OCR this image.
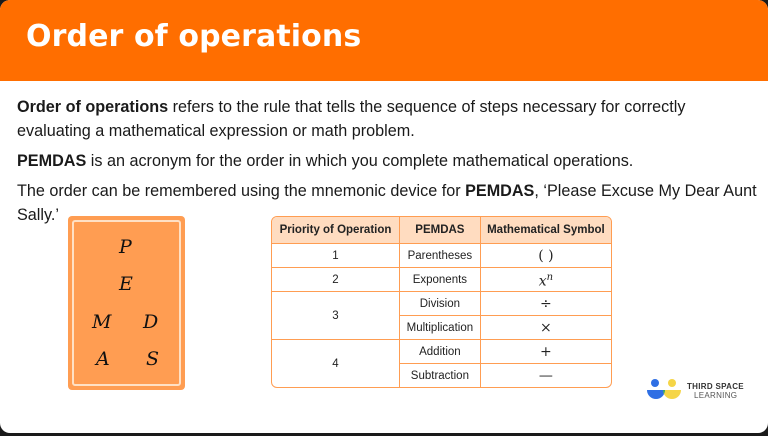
Order of operations

Order of operations refers to the rule that tells the sequence of steps necessary for correctly evaluating a mathematical expression or math problem.

PEMDAS is an acronym for the order in which you complete mathematical operations.

The order can be remembered using the mnemonic device for PEMDAS, ‘Please Excuse My Dear Aunt Sally.’

P
E
M D
A S
Priority of Operation	PEMDAS	Mathematical Symbol
1	Parentheses	( )
2	Exponents	$x^n$
3	Division	÷
	Multiplication	×
4	Addition	+
	Subtraction	—
THIRD SPACE
LEARNING
